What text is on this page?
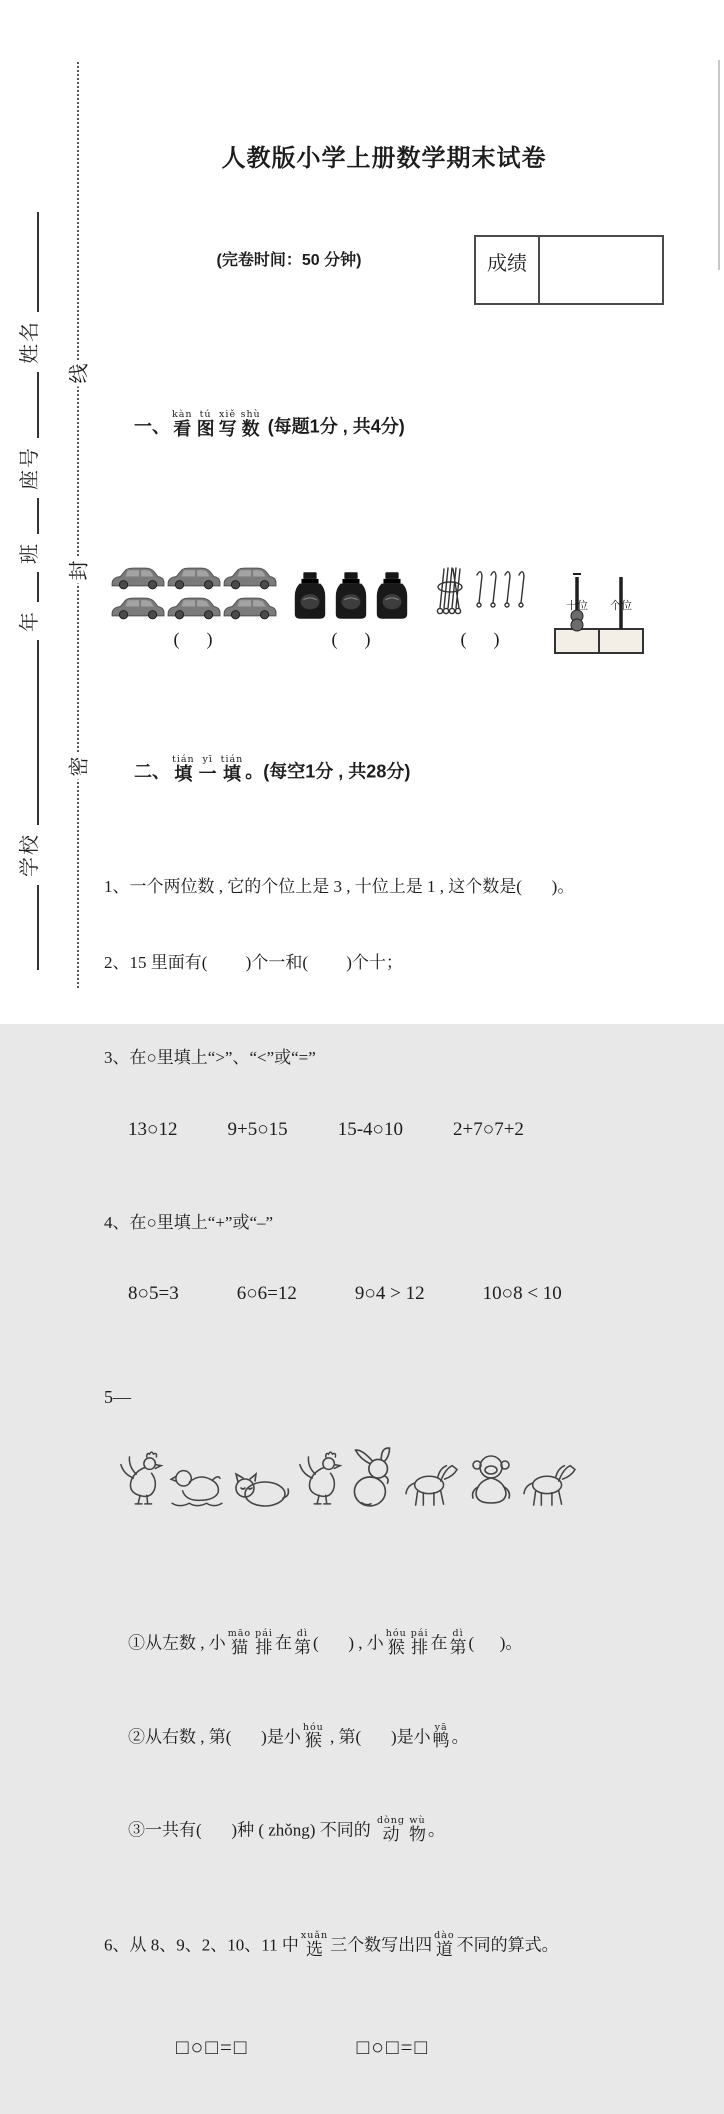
密
封
线
学校
年
班
座号
姓名

人教版小学上册数学期末试卷

(完卷时间：50 分钟)	成绩

一、
kàn
看
tú
图
xiě
写
shù
数 (每题1分 , 共4分)

(      )	(      )	(      )

十位

	个位

二、
tián
填
yī
一
tián
填 。(每空1分 , 共28分)

1、一个两位数 , 它的个位上是 3 , 十位上是 1 , 这个数是(       )。

2、15 里面有(         )个一和(         )个十；

3、在○里填上“>”、“<”或“=”

13○12	9+5○15	15-4○10	2+7○7+2

4、在○里填上“+”或“–”

8○5=3	6○6=12	9○4 > 12	10○8 < 10

5—

①从左数 , 小
māo
猫
pái
排 在
dì
第 (       ) , 小
hóu
猴
pái
排 在
dì
第 (      )。

②从右数 , 第(       )是小
hóu
猴 , 第(       )是小
yā
鸭 。

③一共有(       )种 ( zhǒng) 不同的
dòng
动
wù
物 。

6、从 8、9、2、10、11 中
xuǎn
选 三个数写出四
dào
道 不同的算式。

□○□=□	□○□=□
